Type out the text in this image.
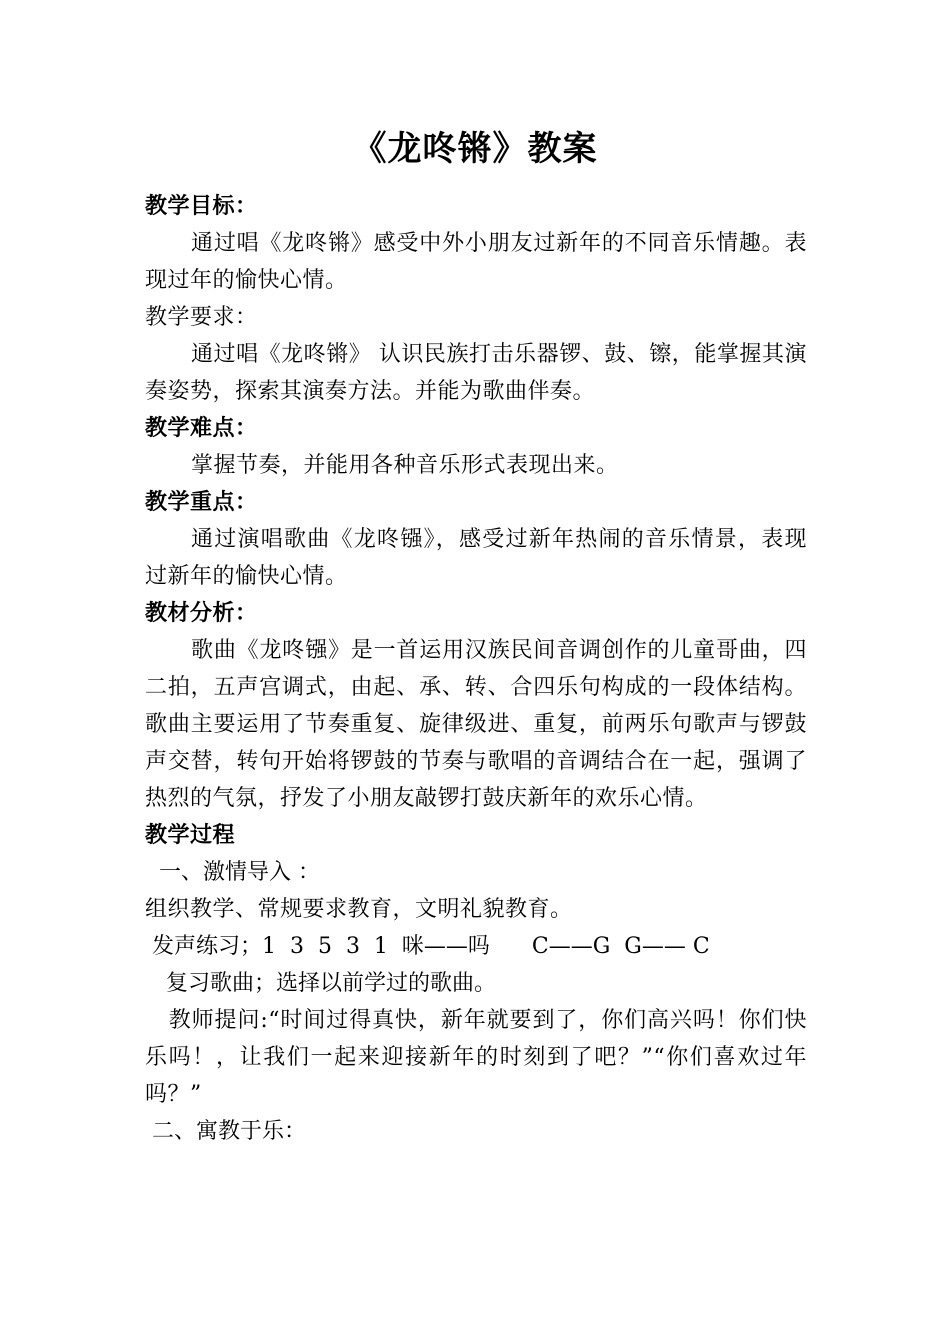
《龙咚锵》教案
教学目标：
通过唱《龙咚锵》感受中外小朋友过新年的不同音乐情趣。表现过年的愉快心情。
教学要求：
通过唱《龙咚锵》 认识民族打击乐器锣、鼓、镲，能掌握其演奏姿势，探索其演奏方法。并能为歌曲伴奏。
教学难点：
掌握节奏，并能用各种音乐形式表现出来。
教学重点：
通过演唱歌曲《龙咚镪》，感受过新年热闹的音乐情景，表现过新年的愉快心情。
教材分析：
歌曲《龙咚镪》是一首运用汉族民间音调创作的儿童哥曲，四二拍，五声宫调式，由起、承、转、合四乐句构成的一段体结构。歌曲主要运用了节奏重复、旋律级进、重复，前两乐句歌声与锣鼓声交替，转句开始将锣鼓的节奏与歌唱的音调结合在一起，强调了热烈的气氛，抒发了小朋友敲锣打鼓庆新年的欢乐心情。
教学过程
一、激情导入 ：
组织教学、常规要求教育，文明礼貌教育。
发声练习；1  3  5  3  1  咪——吗      C——G  G—— C
复习歌曲；选择以前学过的歌曲。
教师提问:“时间过得真快，新年就要到了，你们高兴吗！你们快乐吗！，让我们一起来迎接新年的时刻到了吧？”“你们喜欢过年吗？”
二、寓教于乐：
